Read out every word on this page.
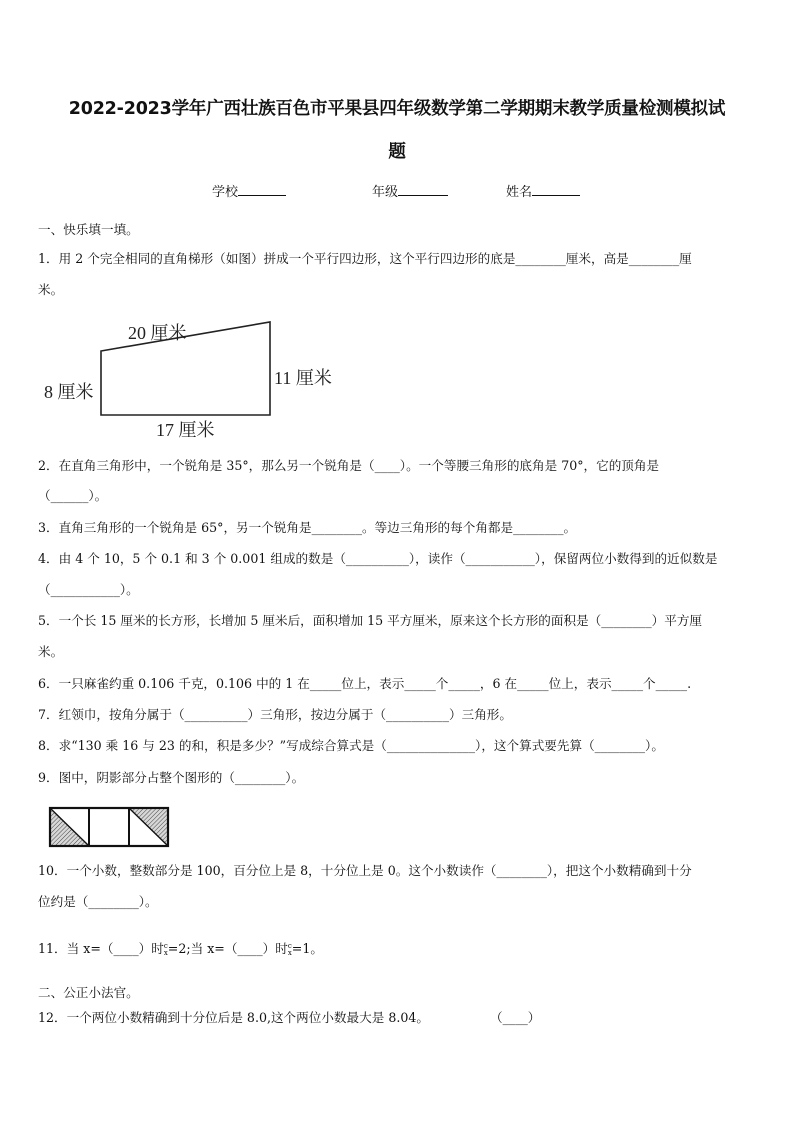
2022-2023学年广西壮族百色市平果县四年级数学第二学期期末教学质量检测模拟试
题
学校	年级	姓名
一、快乐填一填。
1．用 2 个完全相同的直角梯形（如图）拼成一个平行四边形，这个平行四边形的底是________厘米，高是________厘
米。
20 厘米
8 厘米
11 厘米
17 厘米
2．在直角三角形中，一个锐角是 35°，那么另一个锐角是（____）。一个等腰三角形的底角是 70°，它的顶角是
（______）。
3．直角三角形的一个锐角是 65°，另一个锐角是________。等边三角形的每个角都是________。
4．由 4 个 10，5 个 0.1 和 3 个 0.001 组成的数是（__________），读作（___________），保留两位小数得到的近似数是
（___________）。
5．一个长 15 厘米的长方形，长增加 5 厘米后，面积增加 15 平方厘米，原来这个长方形的面积是（________）平方厘
米。
6．一只麻雀约重 0.106 千克，0.106 中的 1 在_____位上，表示_____个_____，6 在_____位上，表示_____个_____.
7．红领巾，按角分属于（__________）三角形，按边分属于（__________）三角形。
8．求“130 乘 16 与 23 的和，积是多少？”写成综合算式是（______________），这个算式要先算（________）。
9．图中，阴影部分占整个图形的（________）。
10．一个小数，整数部分是 100，百分位上是 8，十分位上是 0。这个小数读作（________），把这个小数精确到十分
位约是（________）。
11．当 x=（____）时c
x=2;当 x=（____）时c
x=1。
二、公正小法官。
12．一个两位小数精确到十分位后是 8.0,这个两位小数最大是 8.04。	（____）
